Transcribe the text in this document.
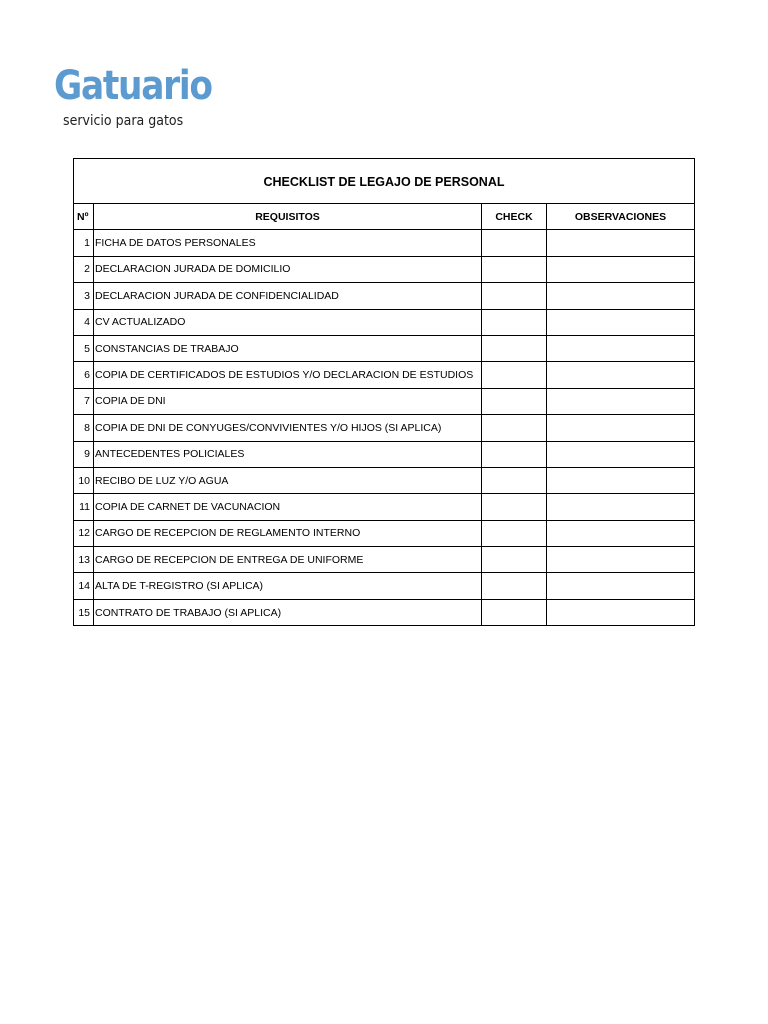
Gatuario
servicio para gatos
CHECKLIST DE LEGAJO DE PERSONAL			
Nº	REQUISITOS	CHECK	OBSERVACIONES
1	FICHA DE DATOS PERSONALES		
2	DECLARACION JURADA DE DOMICILIO		
3	DECLARACION JURADA DE CONFIDENCIALIDAD		
4	CV ACTUALIZADO		
5	CONSTANCIAS DE TRABAJO		
6	COPIA DE CERTIFICADOS DE ESTUDIOS Y/O DECLARACION DE ESTUDIOS		
7	COPIA DE DNI		
8	COPIA DE DNI DE CONYUGES/CONVIVIENTES Y/O HIJOS (SI APLICA)		
9	ANTECEDENTES POLICIALES		
10	RECIBO DE LUZ Y/O AGUA		
11	COPIA DE CARNET DE VACUNACION		
12	CARGO DE RECEPCION DE REGLAMENTO INTERNO		
13	CARGO DE RECEPCION DE ENTREGA DE UNIFORME		
14	ALTA DE T-REGISTRO (SI APLICA)		
15	CONTRATO DE TRABAJO (SI APLICA)		
